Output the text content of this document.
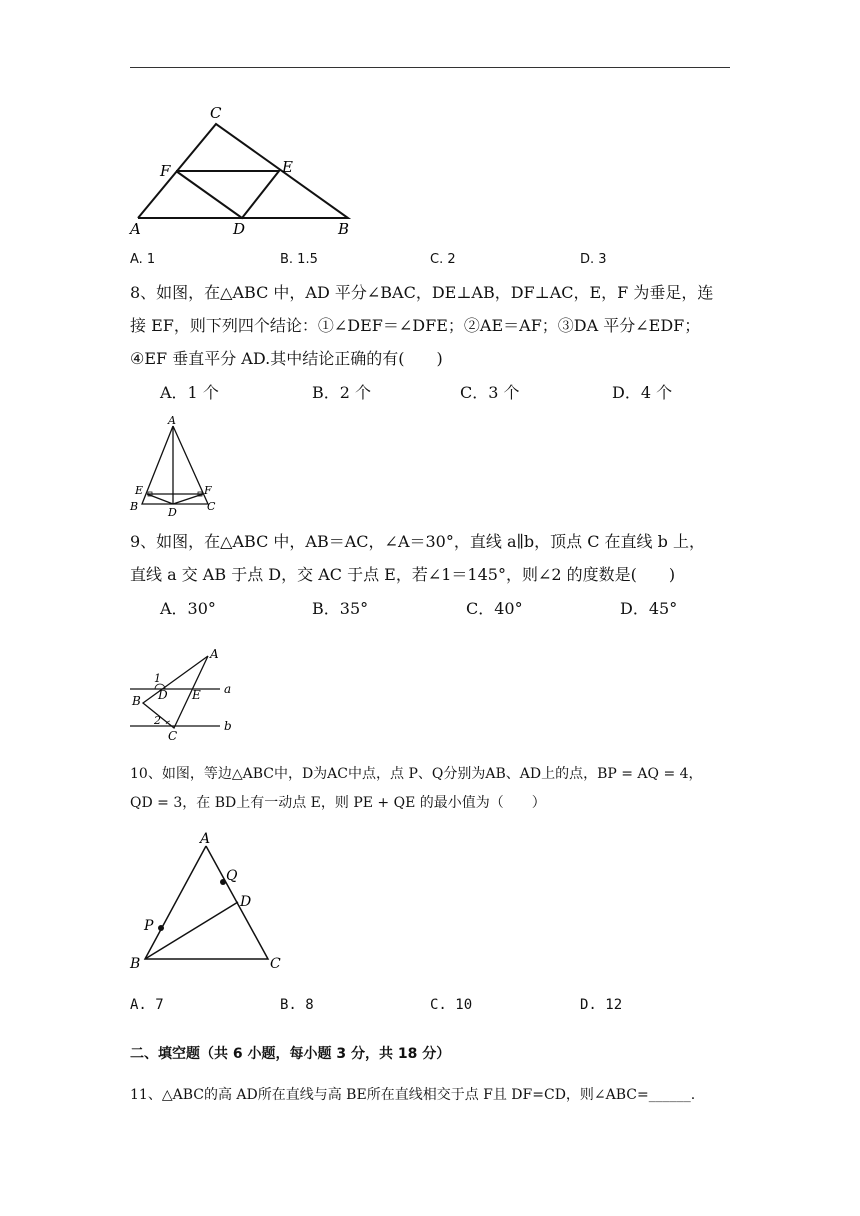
C
F	E
A	D	B
A. 1	B. 1.5	C. 2	D. 3
8、如图，在△ABC 中，AD 平分∠BAC，DE⊥AB，DF⊥AC，E，F 为垂足，连
接 EF，则下列四个结论：①∠DEF＝∠DFE；②AE＝AF；③DA 平分∠EDF；
④EF 垂直平分 AD.其中结论正确的有(　　)
A．1 个	B．2 个	C．3 个	D．4 个
A
E	F
B	C
D
9、如图，在△ABC 中，AB＝AC，∠A＝30°，直线 a∥b，顶点 C 在直线 b 上，
直线 a 交 AB 于点 D，交 AC 于点 E，若∠1＝145°，则∠2 的度数是(　　)
A．30°	B．35°	C．40°	D．45°
A
1
D E a
B
2	b
C
10、如图，等边△ABC中，D为AC中点，点 P、Q分别为AB、AD上的点，BP = AQ = 4，
QD = 3，在 BD上有一动点 E，则 PE + QE 的最小值为（　　）
A
Q
D
P
B	C
A. 7	B. 8	C. 10	D. 12
二、填空题（共 6 小题，每小题 3 分，共 18 分）
11、△ABC的高 AD所在直线与高 BE所在直线相交于点 F且 DF=CD，则∠ABC=______.
